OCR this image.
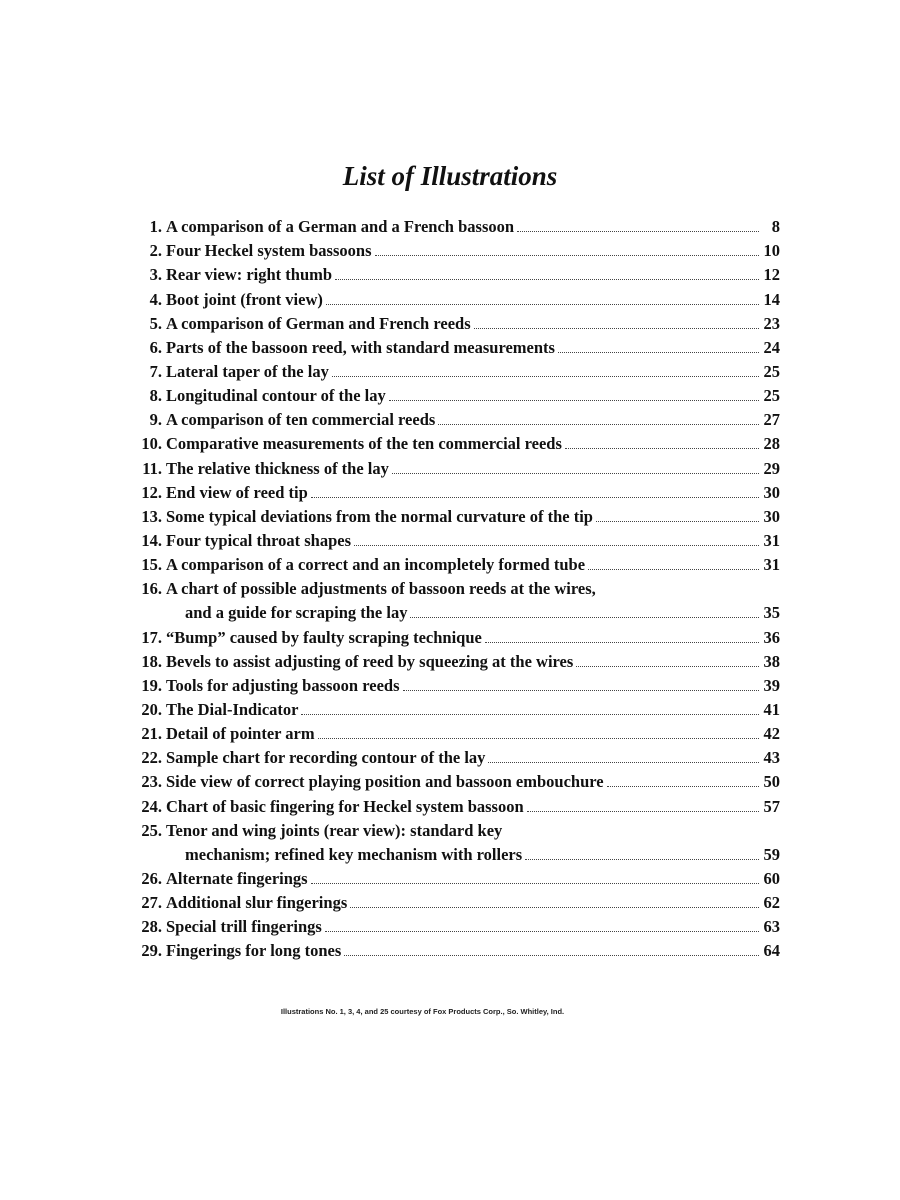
List of Illustrations
1. A comparison of a German and a French bassoon	8
2. Four Heckel system bassoons	10
3. Rear view: right thumb	12
4. Boot joint (front view)	14
5. A comparison of German and French reeds	23
6. Parts of the bassoon reed, with standard measurements	24
7. Lateral taper of the lay	25
8. Longitudinal contour of the lay	25
9. A comparison of ten commercial reeds	27
10. Comparative measurements of the ten commercial reeds	28
11. The relative thickness of the lay	29
12. End view of reed tip	30
13. Some typical deviations from the normal curvature of the tip	30
14. Four typical throat shapes	31
15. A comparison of a correct and an incompletely formed tube	31
16. A chart of possible adjustments of bassoon reeds at the wires,
and a guide for scraping the lay	35
17. “Bump” caused by faulty scraping technique	36
18. Bevels to assist adjusting of reed by squeezing at the wires	38
19. Tools for adjusting bassoon reeds	39
20. The Dial-Indicator	41
21. Detail of pointer arm	42
22. Sample chart for recording contour of the lay	43
23. Side view of correct playing position and bassoon embouchure	50
24. Chart of basic fingering for Heckel system bassoon	57
25. Tenor and wing joints (rear view): standard key
mechanism; refined key mechanism with rollers	59
26. Alternate fingerings	60
27. Additional slur fingerings	62
28. Special trill fingerings	63
29. Fingerings for long tones	64
Illustrations No. 1, 3, 4, and 25 courtesy of Fox Products Corp., So. Whitley, Ind.
